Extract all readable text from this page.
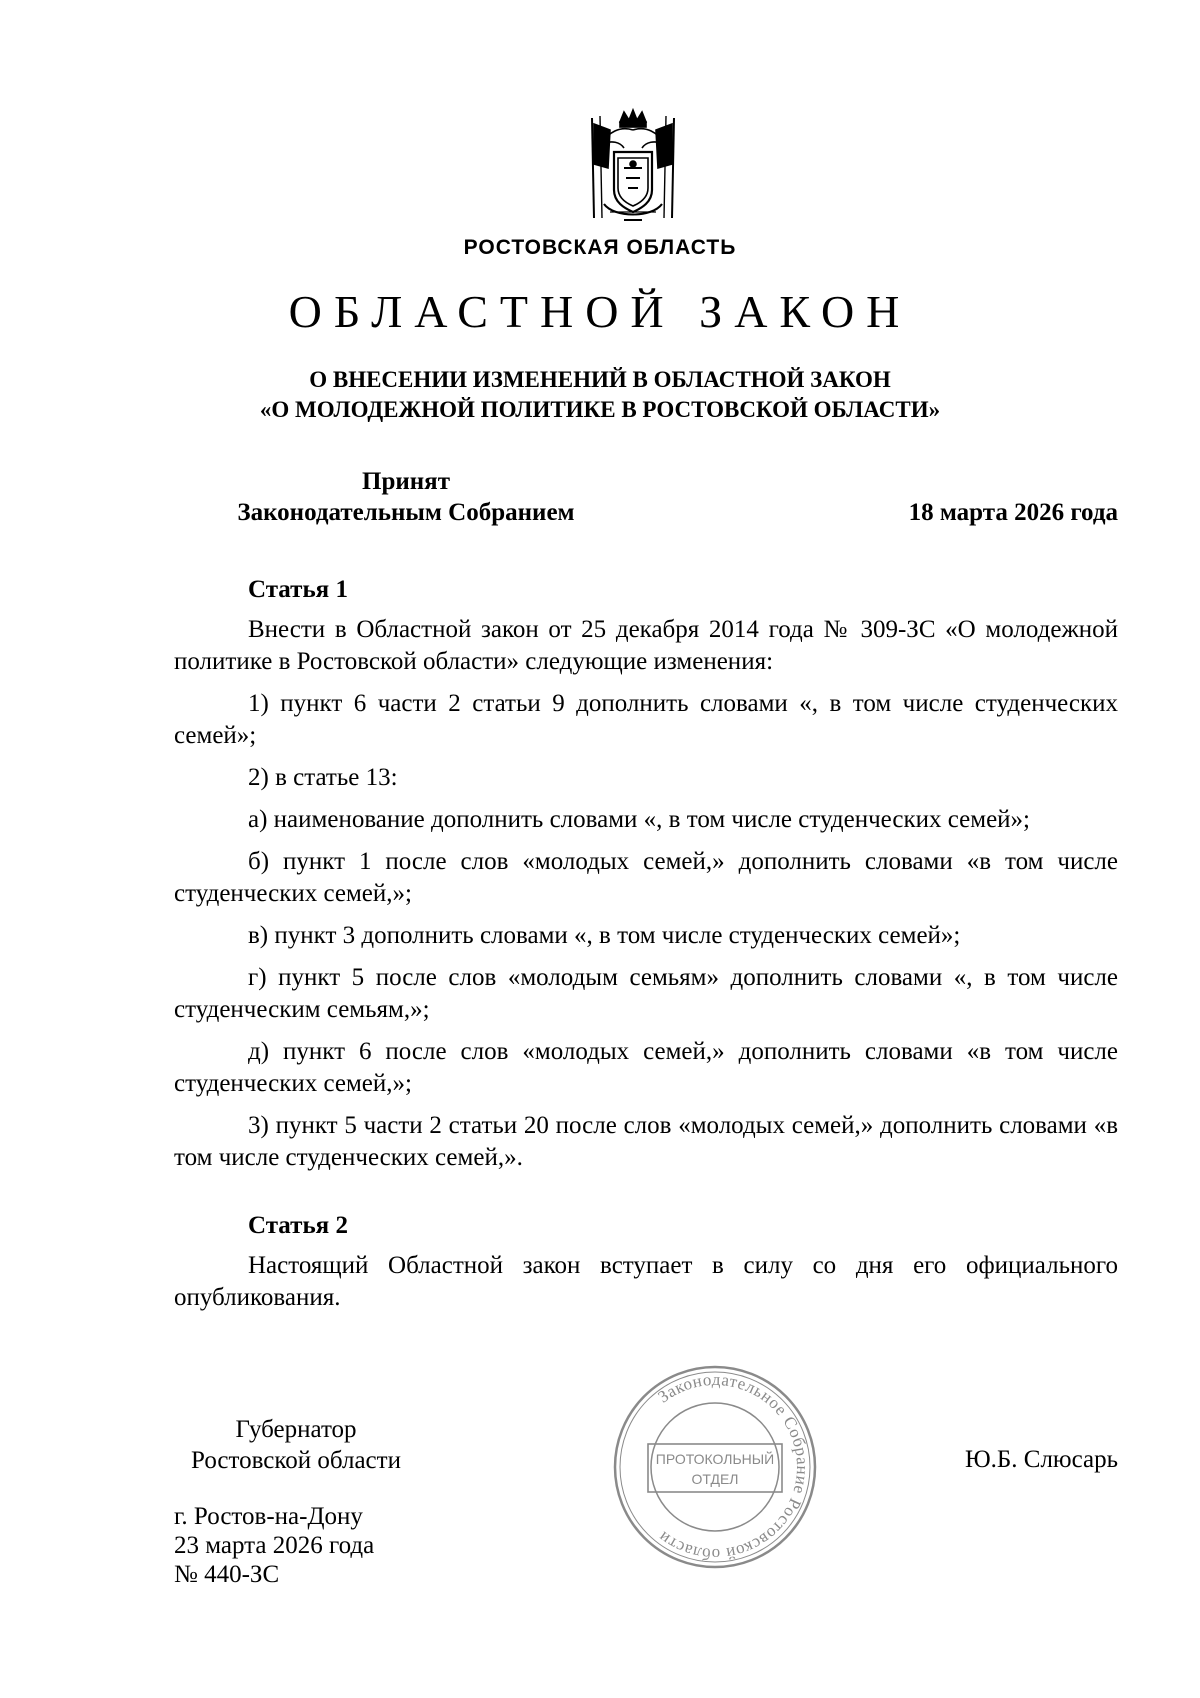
РОСТОВСКАЯ ОБЛАСТЬ
ОБЛАСТНОЙ ЗАКОН
О ВНЕСЕНИИ ИЗМЕНЕНИЙ В ОБЛАСТНОЙ ЗАКОН
«О МОЛОДЕЖНОЙ ПОЛИТИКЕ В РОСТОВСКОЙ ОБЛАСТИ»
Принят
Законодательным Собранием	18 марта 2026 года
Статья 1

Внести в Областной закон от 25 декабря 2014 года № 309-ЗС «О молодежной политике в Ростовской области» следующие изменения:

1) пункт 6 части 2 статьи 9 дополнить словами «, в том числе студенческих семей»;

2) в статье 13:

а) наименование дополнить словами «, в том числе студенческих семей»;

б) пункт 1 после слов «молодых семей,» дополнить словами «в том числе студенческих семей,»;

в) пункт 3 дополнить словами «, в том числе студенческих семей»;

г) пункт 5 после слов «молодым семьям» дополнить словами «, в том числе студенческим семьям,»;

д) пункт 6 после слов «молодых семей,» дополнить словами «в том числе студенческих семей,»;

3) пункт 5 части 2 статьи 20 после слов «молодых семей,» дополнить словами «в том числе студенческих семей,».

Статья 2

Настоящий Областной закон вступает в силу со дня его официального опубликования.

Губернатор
Ростовской области
Законодательное Собрание Ростовской области
ПРОТОКОЛЬНЫЙ
ОТДЕЛ
Ю.Б. Слюсарь
г. Ростов-на-Дону
23 марта 2026 года
№ 440-ЗС
